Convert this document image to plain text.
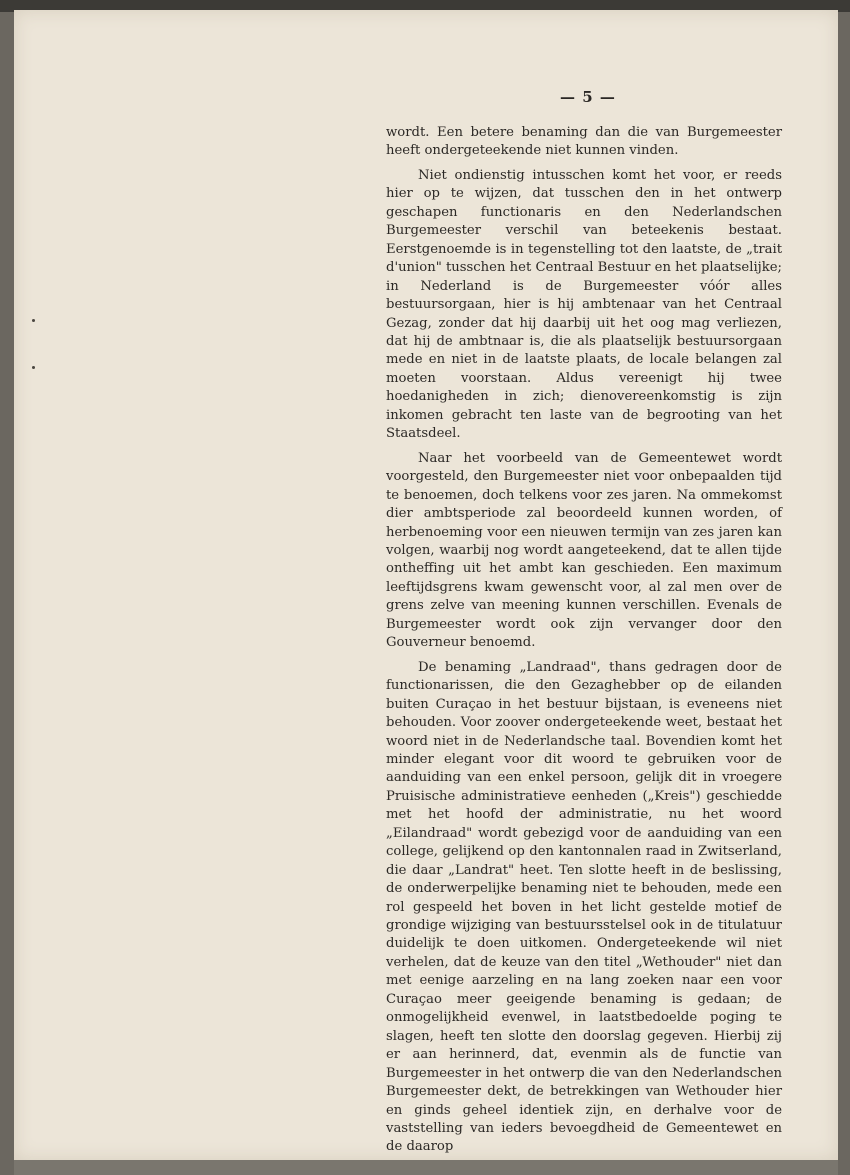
— 5 —

wordt. Een betere benaming dan die van Burgemeester heeft ondergeteekende niet kunnen vinden.

Niet ondienstig intusschen komt het voor, er reeds hier op te wijzen, dat tusschen den in het ontwerp geschapen functionaris en den Nederlandschen Burgemeester verschil van beteekenis bestaat. Eerstgenoemde is in tegenstelling tot den laatste, de „trait d'union" tusschen het Centraal Bestuur en het plaatselijke; in Nederland is de Burgemeester vóór alles bestuursorgaan, hier is hij ambtenaar van het Centraal Gezag, zonder dat hij daarbij uit het oog mag verliezen, dat hij de ambtnaar is, die als plaatselijk bestuursorgaan mede en niet in de laatste plaats, de locale belangen zal moeten voorstaan. Aldus vereenigt hij twee hoedanigheden in zich; dienovereenkomstig is zijn inkomen gebracht ten laste van de begrooting van het Staatsdeel.

Naar het voorbeeld van de Gemeentewet wordt voorgesteld, den Burgemeester niet voor onbepaalden tijd te benoemen, doch telkens voor zes jaren. Na ommekomst dier ambtsperiode zal beoordeeld kunnen worden, of herbenoeming voor een nieuwen termijn van zes jaren kan volgen, waarbij nog wordt aangeteekend, dat te allen tijde ontheffing uit het ambt kan geschieden. Een maximum leeftijdsgrens kwam gewenscht voor, al zal men over de grens zelve van meening kunnen verschillen. Evenals de Burgemeester wordt ook zijn vervanger door den Gouverneur benoemd.

De benaming „Landraad", thans gedragen door de functionarissen, die den Gezaghebber op de eilanden buiten Curaçao in het bestuur bijstaan, is eveneens niet behouden. Voor zoover ondergeteekende weet, bestaat het woord niet in de Nederlandsche taal. Bovendien komt het minder elegant voor dit woord te gebruiken voor de aanduiding van een enkel persoon, gelijk dit in vroegere Pruisische administratieve eenheden („Kreis") geschiedde met het hoofd der administratie, nu het woord „Eilandraad" wordt gebezigd voor de aanduiding van een college, gelijkend op den kantonnalen raad in Zwitserland, die daar „Landrat" heet. Ten slotte heeft in de beslissing, de onderwerpelijke benaming niet te behouden, mede een rol gespeeld het boven in het licht gestelde motief de grondige wijziging van bestuursstelsel ook in de titulatuur duidelijk te doen uitkomen. Ondergeteekende wil niet verhelen, dat de keuze van den titel „Wethouder" niet dan met eenige aarzeling en na lang zoeken naar een voor Curaçao meer geeigende benaming is gedaan; de onmogelijkheid evenwel, in laatstbedoelde poging te slagen, heeft ten slotte den doorslag gegeven. Hierbij zij er aan herinnerd, dat, evenmin als de functie van Burgemeester in het ontwerp die van den Nederlandschen Burgemeester dekt, de betrekkingen van Wethouder hier en ginds geheel identiek zijn, en derhalve voor de vaststelling van ieders bevoegdheid de Gemeentewet en de daarop
